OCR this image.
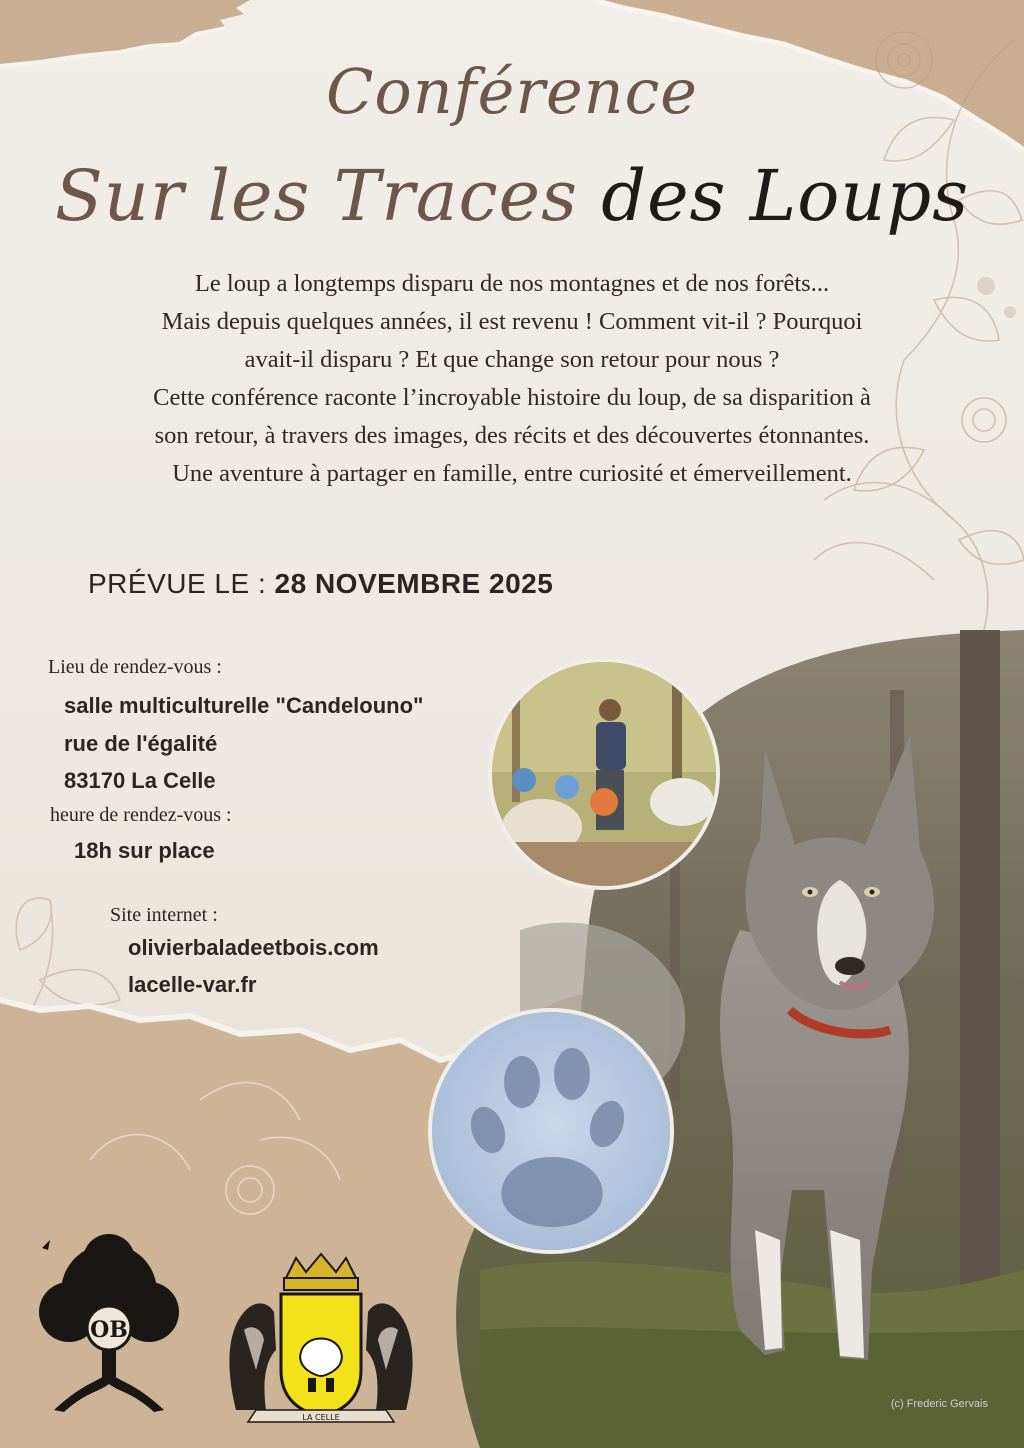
(c) Frederic Gervais
Conférence
Sur les Traces des Loups
Le loup a longtemps disparu de nos montagnes et de nos forêts...
Mais depuis quelques années, il est revenu ! Comment vit-il ? Pourquoi
avait-il disparu ? Et que change son retour pour nous ?
Cette conférence raconte l’incroyable histoire du loup, de sa disparition à
son retour, à travers des images, des récits et des découvertes étonnantes.
Une aventure à partager en famille, entre curiosité et émerveillement.
PRÉVUE LE : 28 NOVEMBRE 2025
Lieu de rendez-vous :
salle multiculturelle "Candelouno"
rue de l'égalité
83170 La Celle
heure de rendez-vous :
18h sur place
Site internet :
olivierbaladeetbois.com
lacelle-var.fr
OB
LA CELLE
